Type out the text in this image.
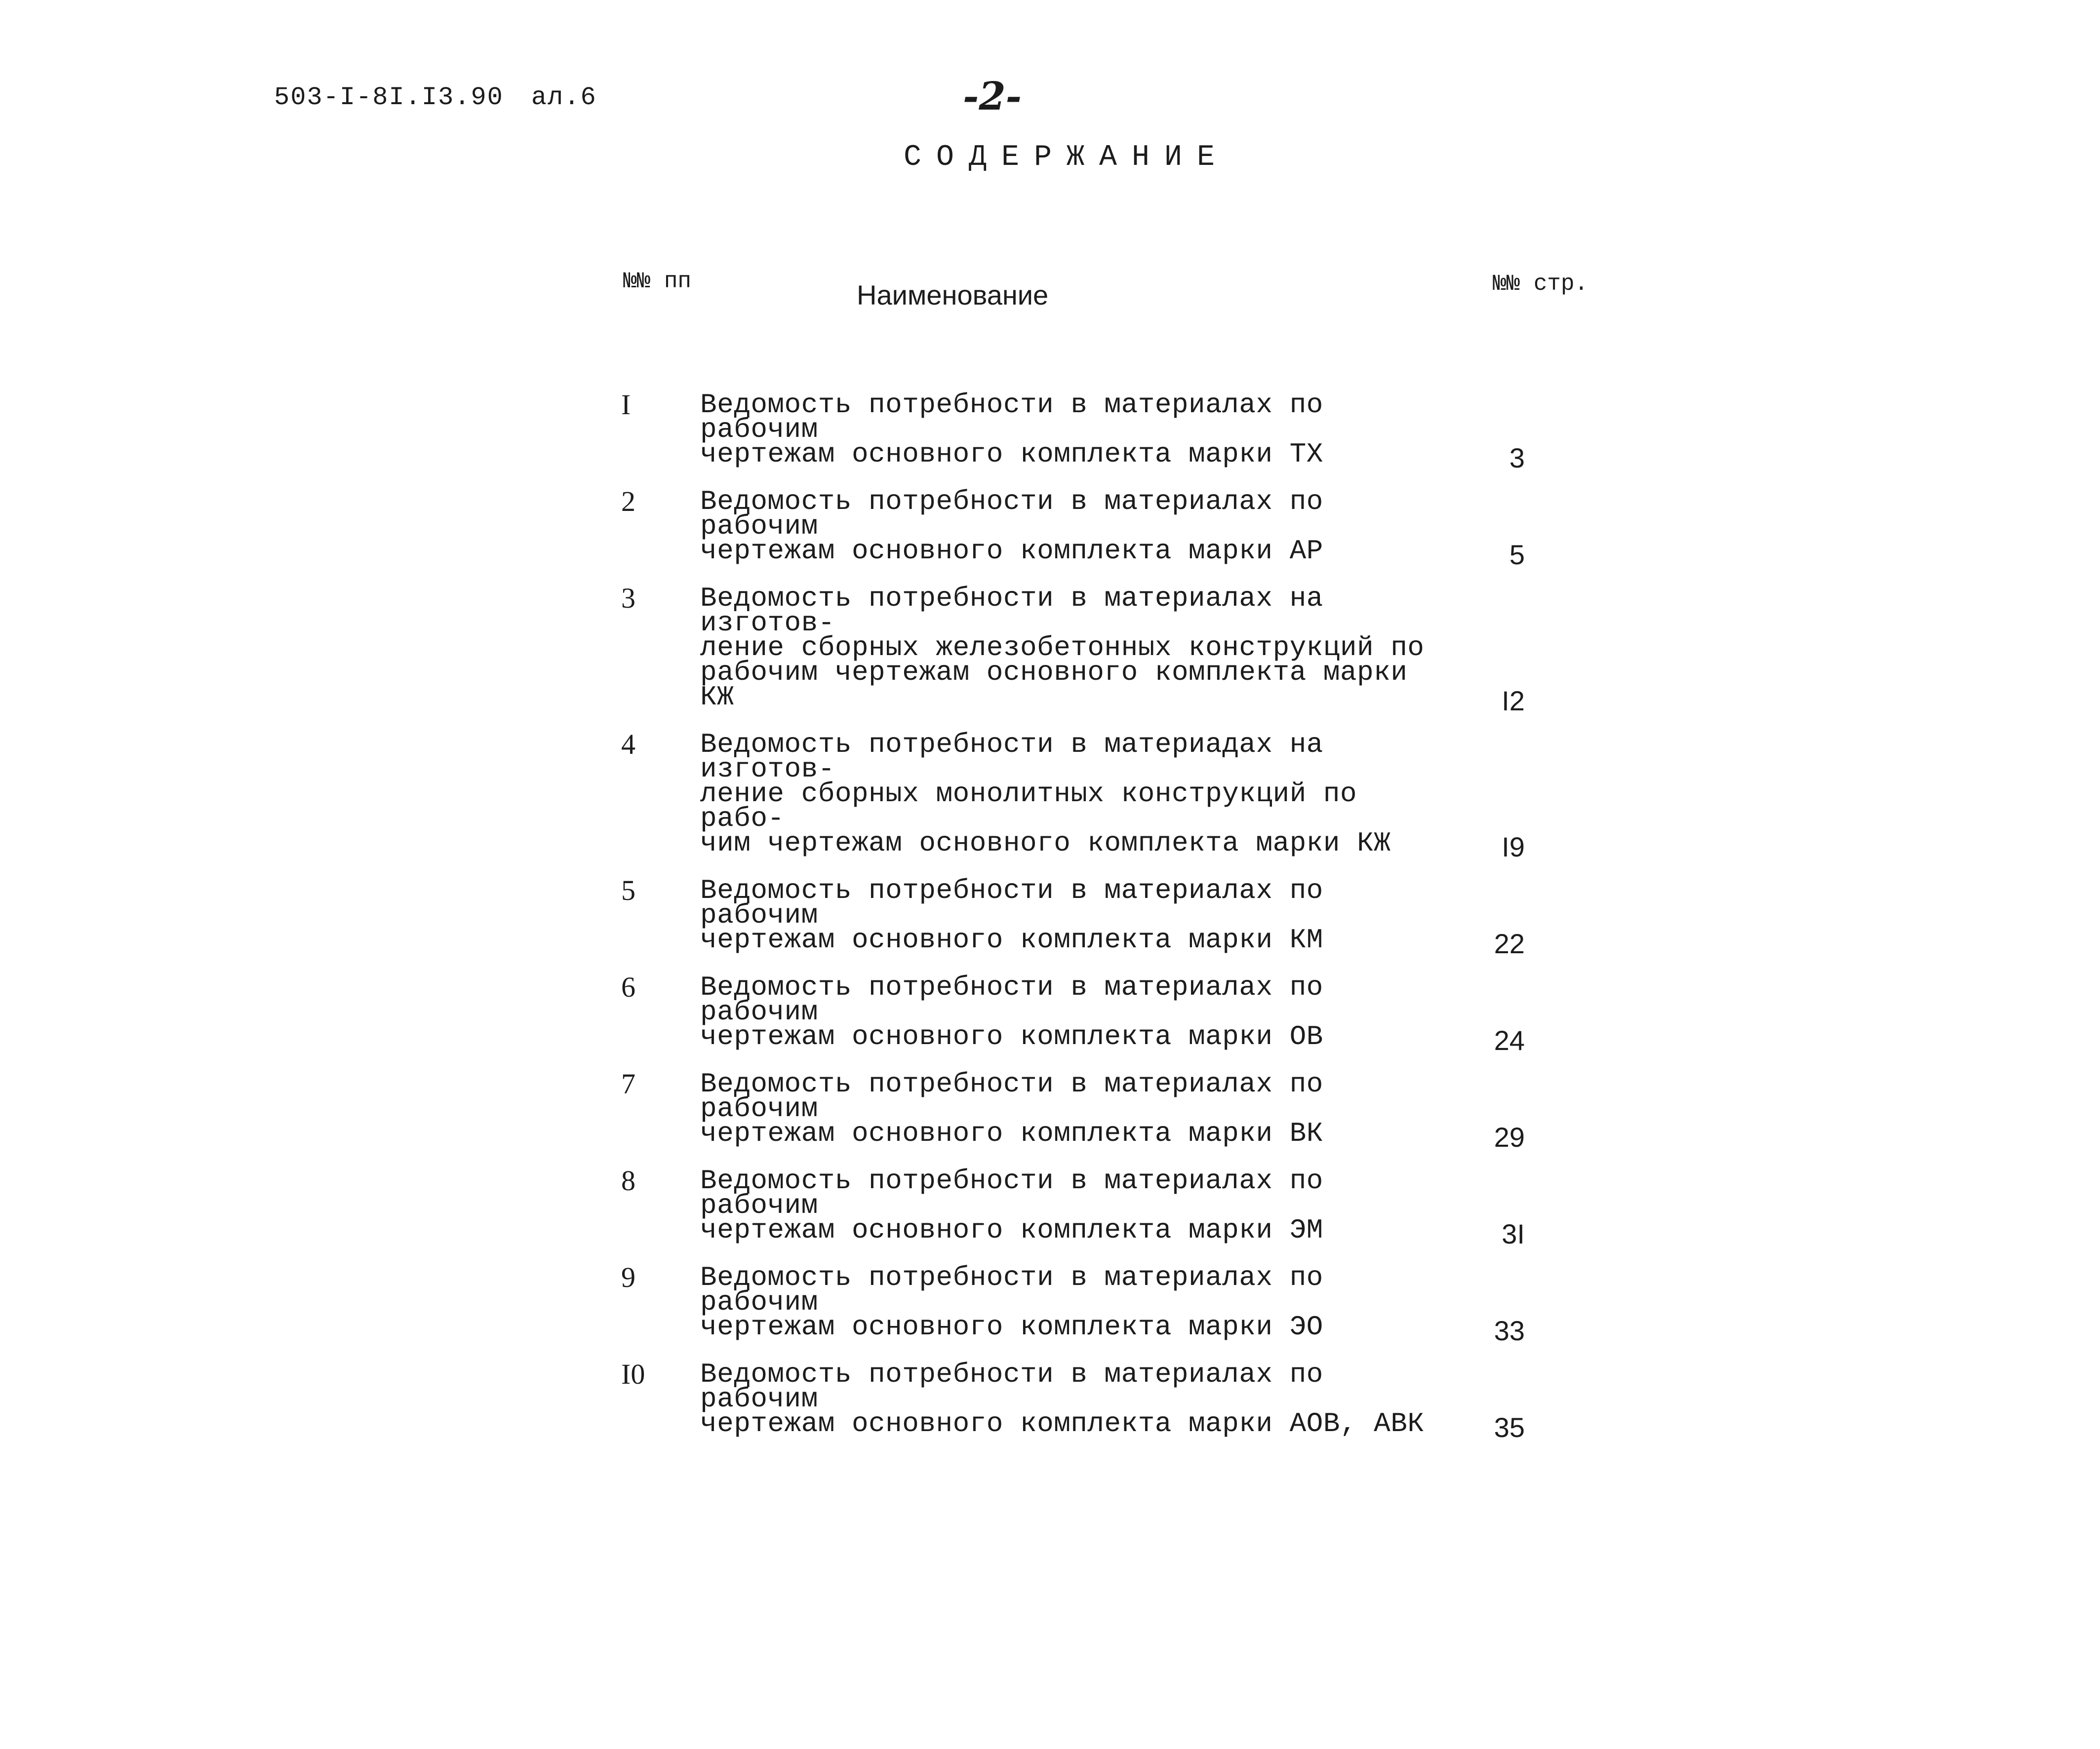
503-I-8I.I3.90 ал.6	-2-
СОДЕРЖАНИЕ
№№ пп	Наименование	№№ стр.
I	Ведомость потребности в материалах по рабочим
чертежам основного комплекта марки ТХ	3
2 Ведомость потребности в материалах по рабочим
чертежам основного комплекта марки АР	5
3 Ведомость потребности в материалах на изготов-
ление сборных железобетонных конструкций по
рабочим чертежам основного комплекта марки КЖ	I2
4 Ведомость потребности в материадах на изготов-
ление сборных монолитных конструкций по рабо-
чим чертежам основного комплекта марки КЖ	I9
5 Ведомость потребности в материалах по рабочим
чертежам основного комплекта марки КМ	22
6 Ведомость потребности в материалах по рабочим
чертежам основного комплекта марки ОВ	24
7 Ведомость потребности в материалах по рабочим
чертежам основного комплекта марки ВК	29
8 Ведомость потребности в материалах по рабочим
чертежам основного комплекта марки ЭМ	3I
9 Ведомость потребности в материалах по рабочим
чертежам основного комплекта марки ЭО	33
I0 Ведомость потребности в материалах по рабочим
чертежам основного комплекта марки АОВ, АВК	35
